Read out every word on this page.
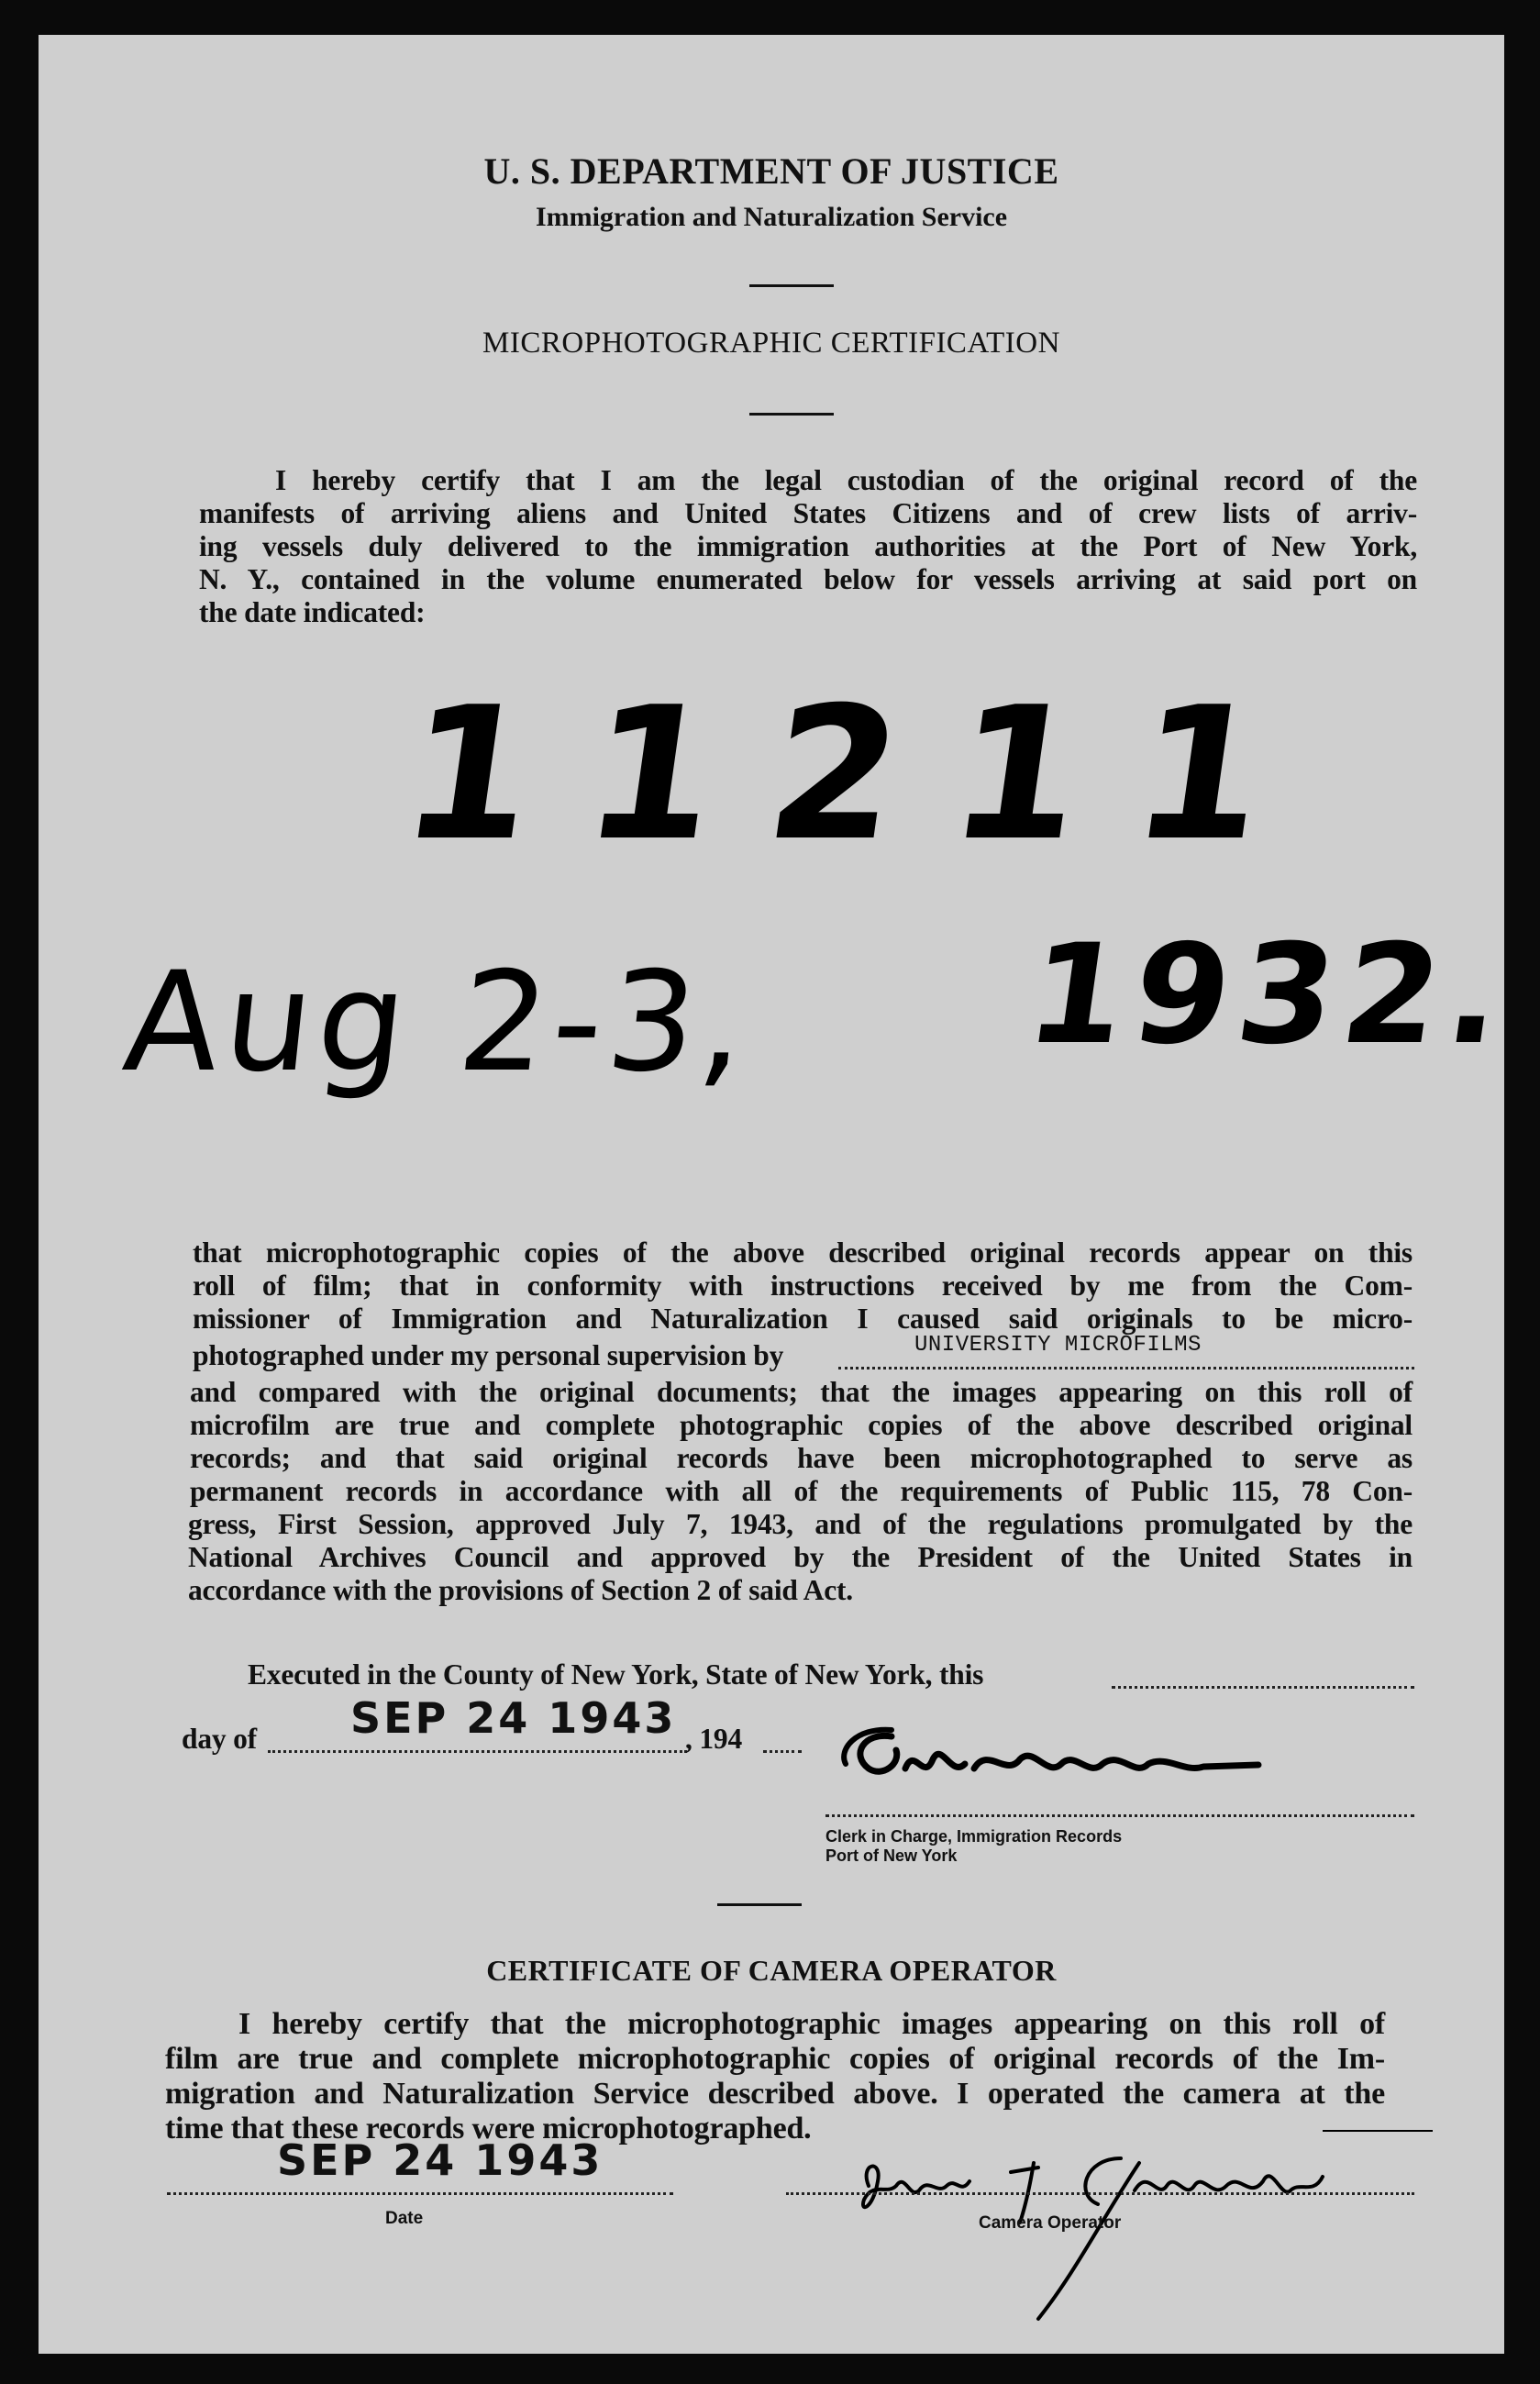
U. S. DEPARTMENT OF JUSTICE
Immigration and Naturalization Service
MICROPHOTOGRAPHIC CERTIFICATION
I hereby certify that I am the legal custodian of the original record of the
manifests of arriving aliens and United States Citizens and of crew lists of arriv-
ing vessels duly delivered to the immigration authorities at the Port of New York,
N. Y., contained in the volume enumerated below for vessels arriving at said port on
the date indicated:
11211
Aug 2-3, 1932.
that microphotographic copies of the above described original records appear on this
roll of film; that in conformity with instructions received by me from the Com-
missioner of Immigration and Naturalization I caused said originals to be micro-
photographed under my personal supervision by	UNIVERSITY MICROFILMS
and compared with the original documents; that the images appearing on this roll of
microfilm are true and complete photographic copies of the above described original
records; and that said original records have been microphotographed to serve as
permanent records in accordance with all of the requirements of Public 115, 78 Con-
gress, First Session, approved July 7, 1943, and of the regulations promulgated by the
National Archives Council and approved by the President of the United States in
accordance with the provisions of Section 2 of said Act.
Executed in the County of New York, State of New York, this
day of SEP 24 1943 , 194
Clerk in Charge, Immigration Records
Port of New York
CERTIFICATE OF CAMERA OPERATOR
I hereby certify that the microphotographic images appearing on this roll of
film are true and complete microphotographic copies of original records of the Im-
migration and Naturalization Service described above. I operated the camera at the
time that these records were microphotographed.
SEP 24 1943
Date	Camera Operator
